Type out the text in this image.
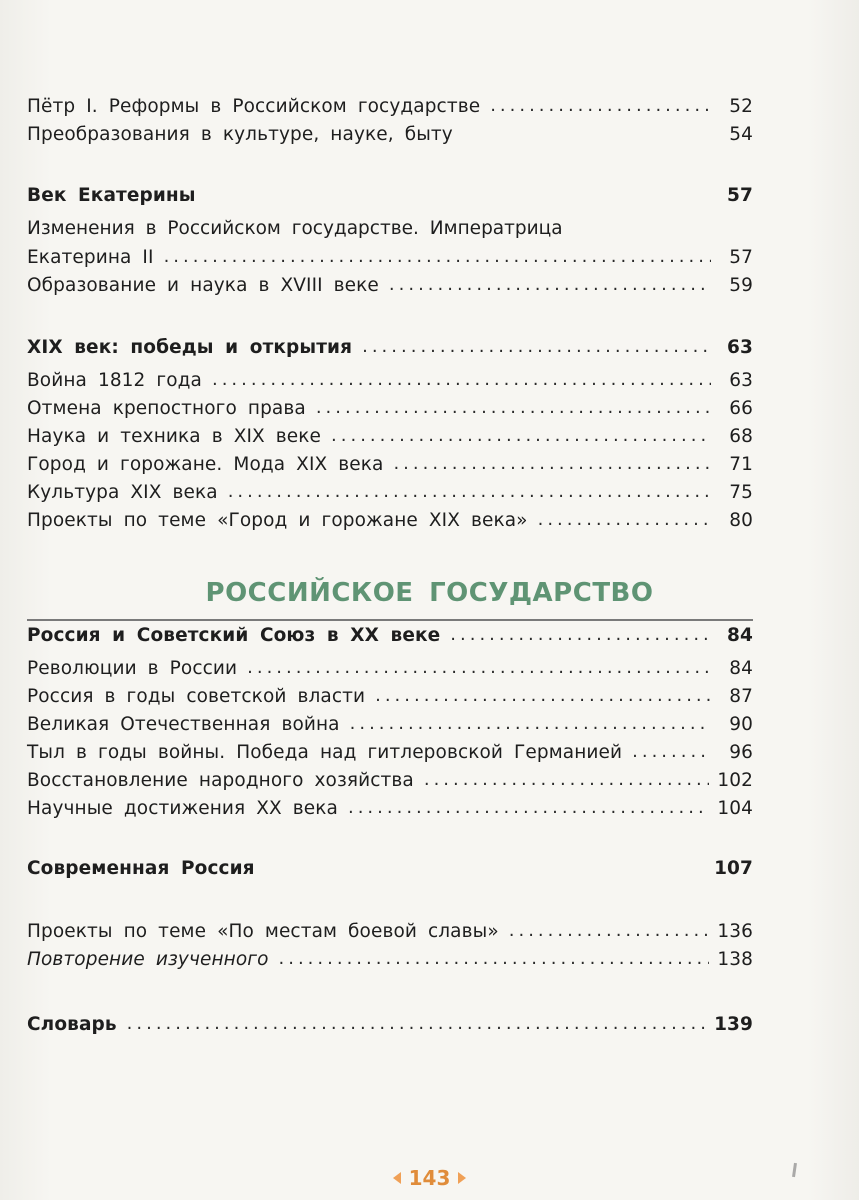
Пётр I. Реформы в Российском государстве .....	52
Преобразования в культуре, науке, быту	54
Век Екатерины	57
Изменения в Российском государстве. Императрица
Екатерина II .....	57
Образование и наука в XVIII веке .....	59
XIX век: победы и открытия .....	63
Война 1812 года .....	63
Отмена крепостного права .....	66
Наука и техника в XIX веке .....	68
Город и горожане. Мода XIX века .....	71
Культура XIX века .....	75
Проекты по теме «Город и горожане XIX века» .....	80
РОССИЙСКОЕ ГОСУДАРСТВО
Россия и Советский Союз в XX веке .....	84
Революции в России .....	84
Россия в годы советской власти .....	87
Великая Отечественная война .....	90
Тыл в годы войны. Победа над гитлеровской Германией .....	96
Восстановление народного хозяйства .....	102
Научные достижения XX века .....	104
Современная Россия	107
Проекты по теме «По местам боевой славы» .....	136
Повторение изученного .....	138
Словарь .....	139
143
